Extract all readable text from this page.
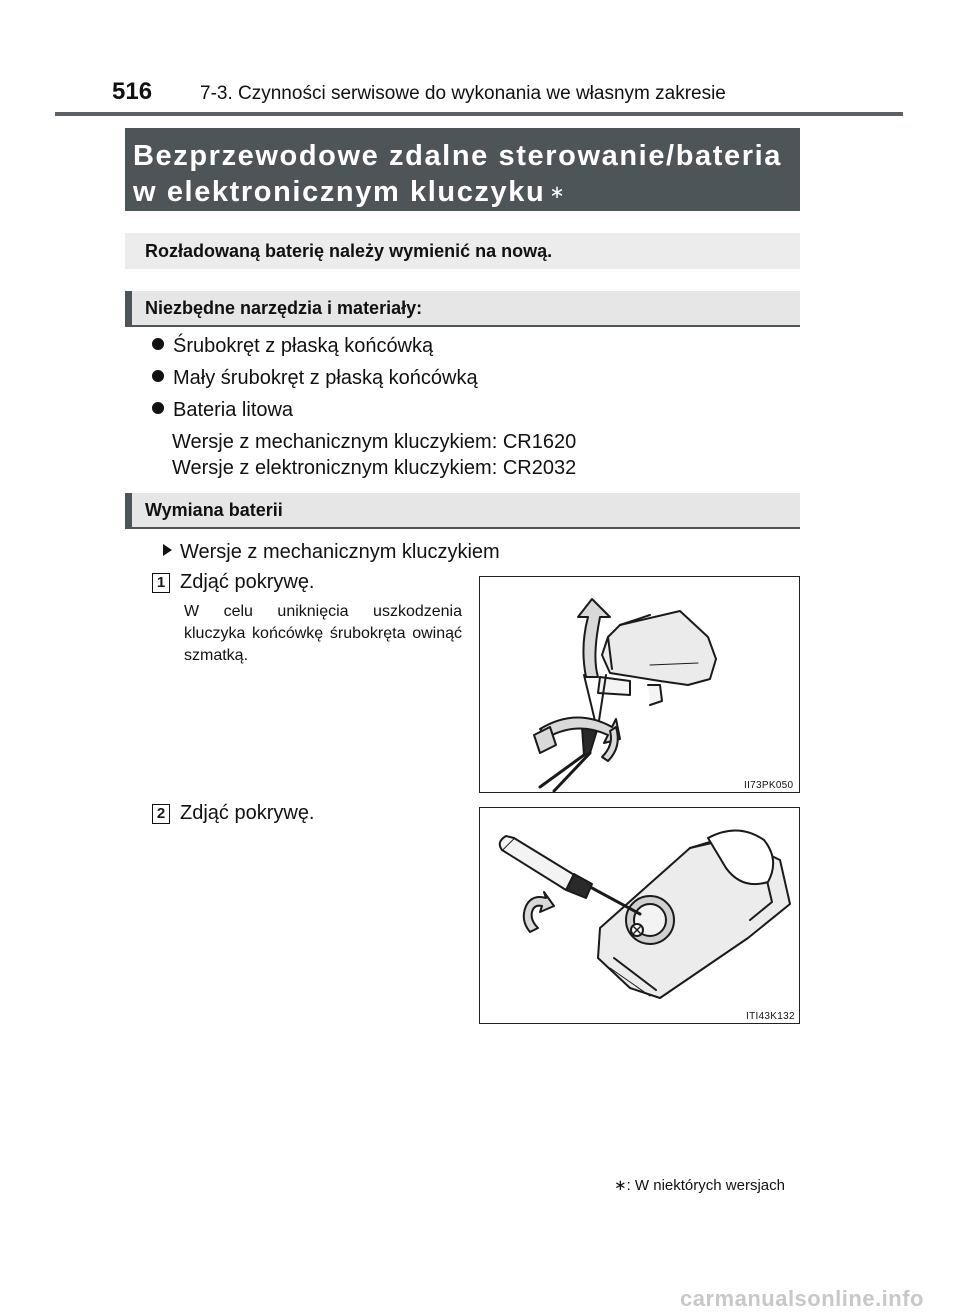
516	7-3. Czynności serwisowe do wykonania we własnym zakresie
Bezprzewodowe zdalne sterowanie/bateria
w elektronicznym kluczyku ∗
Rozładowaną baterię należy wymienić na nową.
Niezbędne narzędzia i materiały:
Śrubokręt z płaską końcówką
Mały śrubokręt z płaską końcówką
Bateria litowa
Wersje z mechanicznym kluczykiem: CR1620
Wersje z elektronicznym kluczykiem: CR2032
Wymiana baterii
Wersje z mechanicznym kluczykiem
1 Zdjąć pokrywę.
W celu uniknięcia uszkodzenia kluczyka końcówkę śrubokręta owinąć szmatką.
II73PK050
2 Zdjąć pokrywę.
ITI43K132
∗: W niektórych wersjach
carmanualsonline.info
